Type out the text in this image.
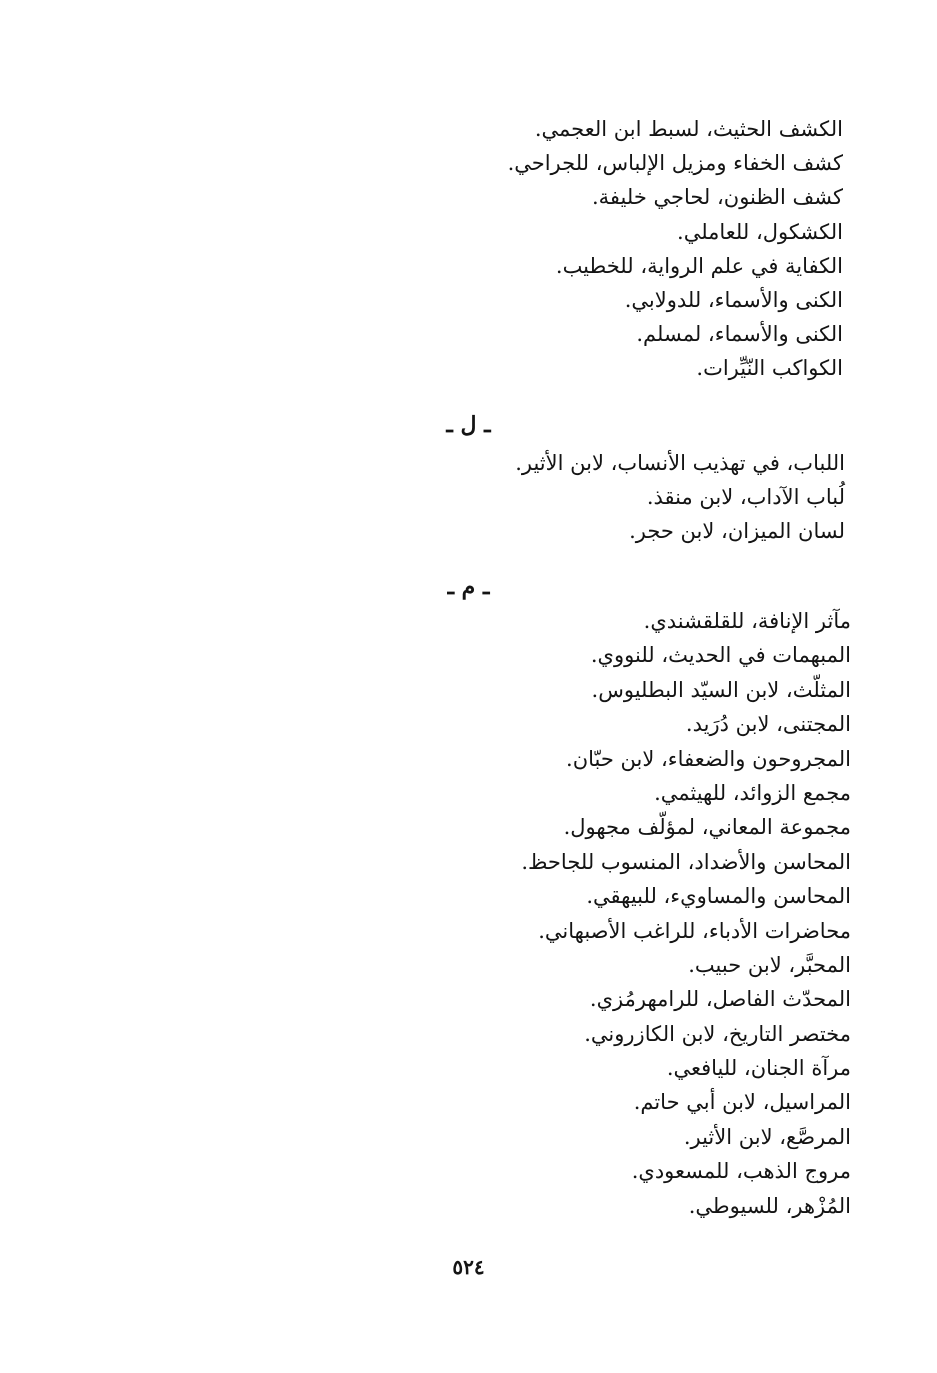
الكشف الحثيث، لسبط ابن العجمي.
كشف الخفاء ومزيل الإلباس، للجراحي.
كشف الظنون، لحاجي خليفة.
الكشكول، للعاملي.
الكفاية في علم الرواية، للخطيب.
الكنى والأسماء، للدولابي.
الكنى والأسماء، لمسلم.
الكواكب النّيِّرات.
ـ ل ـ
اللباب، في تهذيب الأنساب، لابن الأثير.
لُباب الآداب، لابن منقذ.
لسان الميزان، لابن حجر.
ـ م ـ
مآثر الإنافة، للقلقشندي.
المبهمات في الحديث، للنووي.
المثلّث، لابن السيّد البطليوس.
المجتنى، لابن دُرَيد.
المجروحون والضعفاء، لابن حبّان.
مجمع الزوائد، للهيثمي.
مجموعة المعاني، لمؤلّف مجهول.
المحاسن والأضداد، المنسوب للجاحظ.
المحاسن والمساويء، للبيهقي.
محاضرات الأدباء، للراغب الأصبهاني.
المحبَّر، لابن حبيب.
المحدّث الفاصل، للرامهرمُزي.
مختصر التاريخ، لابن الكازروني.
مرآة الجنان، لليافعي.
المراسيل، لابن أبي حاتم.
المرصَّع، لابن الأثير.
مروج الذهب، للمسعودي.
المُزْهر، للسيوطي.
٥٢٤
